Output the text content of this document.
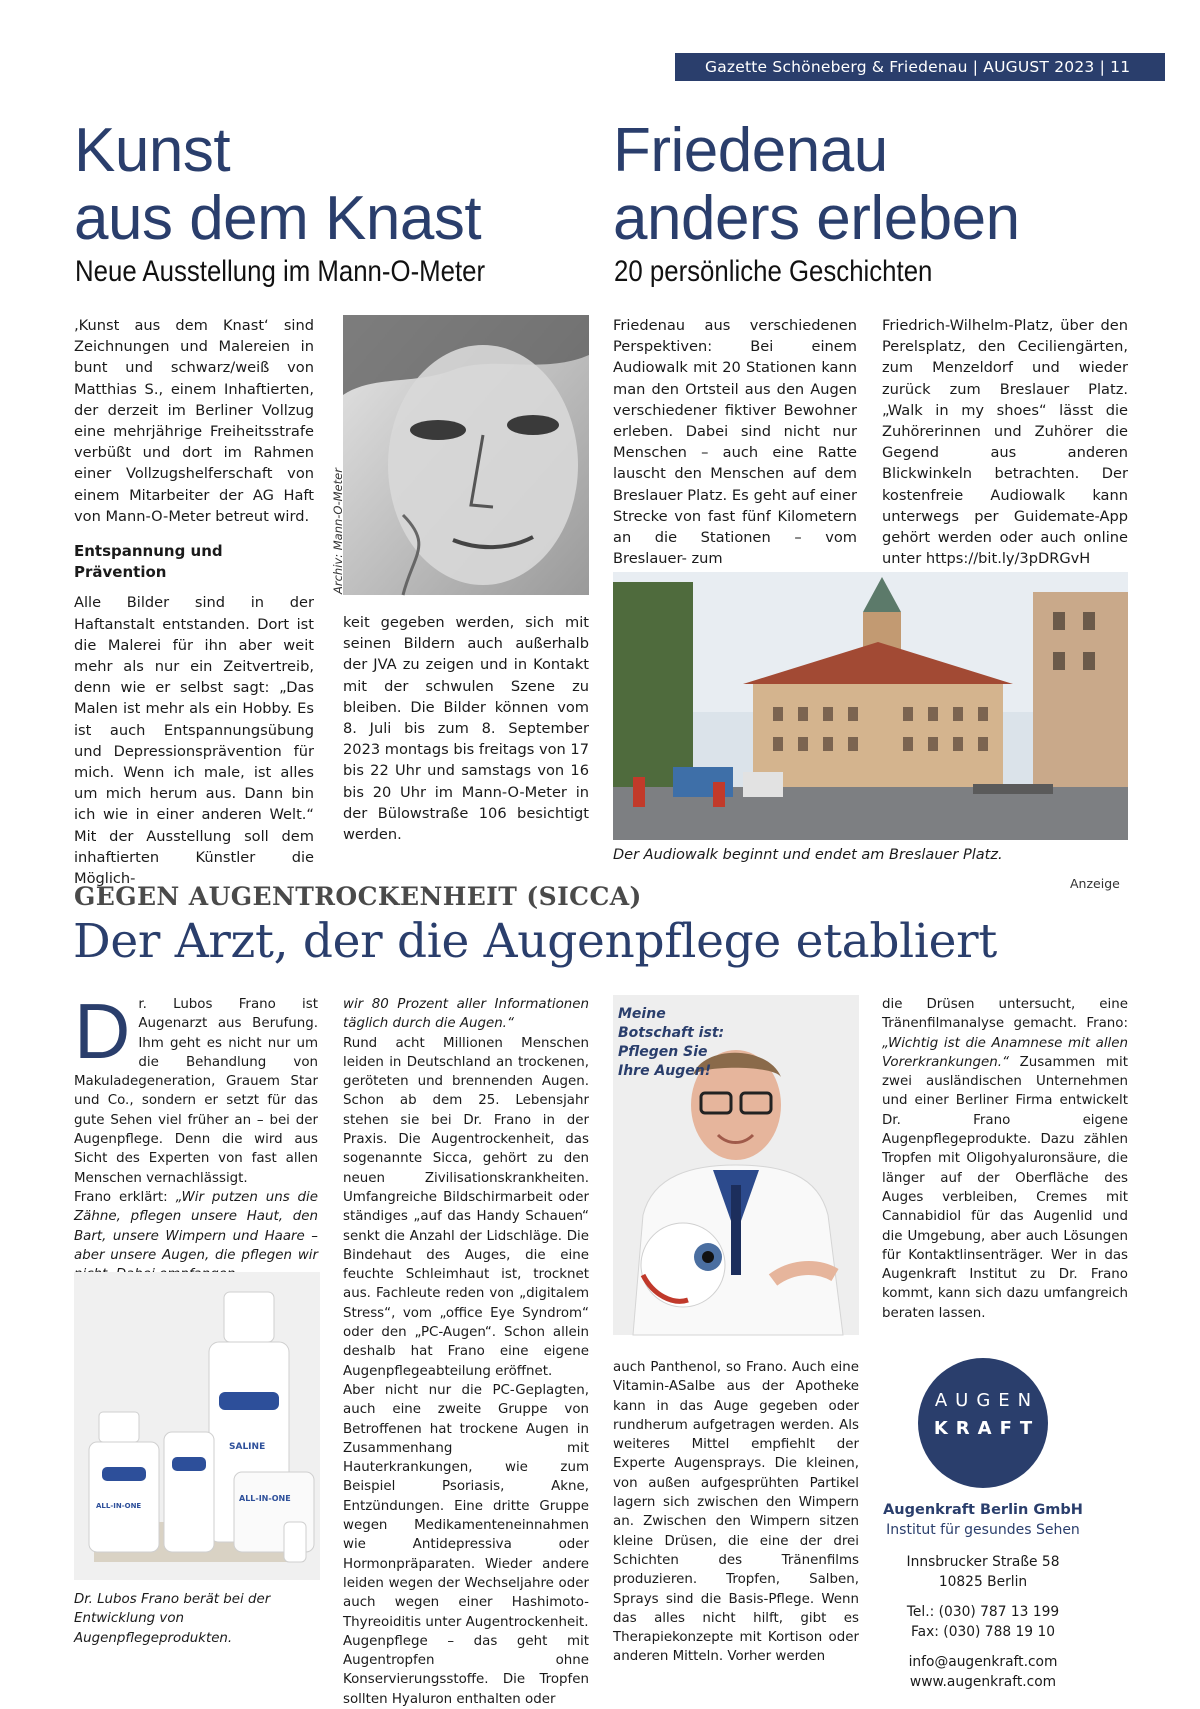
Gazette Schöneberg & Friedenau | AUGUST 2023 | 11
Kunst
aus dem Knast
Neue Ausstellung im Mann-O-Meter

‚Kunst aus dem Knast‘ sind Zeichnungen und Malereien in bunt und schwarz/weiß von Matthias S., einem Inhaftierten, der derzeit im Berliner Vollzug eine mehrjährige Freiheitsstrafe verbüßt und dort im Rahmen einer Vollzugshelferschaft von einem Mitarbeiter der AG Haft von Mann-O-Meter betreut wird.

Entspannung und Prävention

Alle Bilder sind in der Haftanstalt entstanden. Dort ist die Malerei für ihn aber weit mehr als nur ein Zeitvertreib, denn wie er selbst sagt: „Das Malen ist mehr als ein Hobby. Es ist auch Entspannungsübung und Depressionsprävention für mich. Wenn ich male, ist alles um mich herum aus. Dann bin ich wie in einer anderen Welt.“ Mit der Ausstellung soll dem inhaftierten Künstler die Möglich-

Archiv: Mann-O-Meter

keit gegeben werden, sich mit seinen Bildern auch außerhalb der JVA zu zeigen und in Kontakt mit der schwulen Szene zu bleiben. Die Bilder können vom 8. Juli bis zum 8. September 2023 montags bis freitags von 17 bis 22 Uhr und samstags von 16 bis 20 Uhr im Mann-O-Meter in der Bülowstraße 106 besichtigt werden.

Friedenau
anders erleben
20 persönliche Geschichten

Friedenau aus verschiedenen Perspektiven: Bei einem Audiowalk mit 20 Stationen kann man den Ortsteil aus den Augen verschiedener fiktiver Bewohner erleben. Dabei sind nicht nur Menschen – auch eine Ratte lauscht den Menschen auf dem Breslauer Platz. Es geht auf einer Strecke von fast fünf Kilometern an die Stationen – vom Breslauer- zum

Friedrich-Wilhelm-Platz, über den Perelsplatz, den Ceciliengärten, zum Menzeldorf und wieder zurück zum Breslauer Platz. „Walk in my shoes“ lässt die Zuhörerinnen und Zuhörer die Gegend aus anderen Blickwinkeln betrachten. Der kostenfreie Audiowalk kann unterwegs per Guidemate-App gehört werden oder auch online unter https://bit.ly/3pDRGvH

Der Audiowalk beginnt und endet am Breslauer Platz.
Anzeige
GEGEN AUGENTROCKENHEIT (SICCA)
Der Arzt, der die Augenpflege etabliert

Dr. Lubos Frano ist Augenarzt aus Berufung. Ihm geht es nicht nur um die Behandlung von Makuladegeneration, Grauem Star und Co., sondern er setzt für das gute Sehen viel früher an – bei der Augenpflege. Denn die wird aus Sicht des Experten von fast allen Menschen vernachlässigt.

Frano erklärt: „Wir putzen uns die Zähne, pflegen unsere Haut, den Bart, unsere Wimpern und Haare – aber unsere Augen, die pflegen wir

SALINE
ALL-IN-ONE
ALL-IN-ONE

Dr. Lubos Frano berät bei der Entwicklung von Augenpflegeprodukten.

wir 80 Prozent aller Informationen täglich durch die Augen.“

Rund acht Millionen Menschen leiden in Deutschland an trockenen, geröteten und brennenden Augen. Schon ab dem 25. Lebensjahr stehen sie bei Dr. Frano in der Praxis. Die Augentrockenheit, das sogenannte Sicca, gehört zu den neuen Zivilisationskrankheiten. Umfangreiche Bildschirmarbeit oder ständiges „auf das Handy Schauen“ senkt die Anzahl der Lidschläge. Die Bindehaut des Auges, die eine feuchte Schleimhaut ist, trocknet aus. Fachleute reden von „digitalem Stress“, vom „office Eye Syndrom“ oder den „PC-Augen“. Schon allein deshalb hat Frano eine eigene Augenpflegeabteilung eröffnet.

Aber nicht nur die PC-Geplagten, auch eine zweite Gruppe von Betroffenen hat trockene Augen in Zusammenhang mit Hauterkrankungen, wie zum Beispiel Psoriasis, Akne, Entzündungen. Eine dritte Gruppe wegen Medikamenteneinnahmen wie Antidepressiva oder Hormonpräparaten. Wieder andere leiden wegen der Wechseljahre oder auch wegen einer Hashimoto-Thyreoiditis unter Augentrockenheit.

Augenpflege – das geht mit Augentropfen ohne Konservierungsstoffe. Die Tropfen sollten Hyaluron enthalten oder

Meine Botschaft ist: Pflegen Sie Ihre Augen!

auch Panthenol, so Frano. Auch eine Vitamin-ASalbe aus der Apotheke kann in das Auge gegeben oder rundherum aufgetragen werden. Als weiteres Mittel empfiehlt der Experte Augensprays. Die kleinen, von außen aufgesprühten Partikel lagern sich zwischen den Wimpern an. Zwischen den Wimpern sitzen kleine Drüsen, die eine der drei Schichten des Tränenfilms produzieren. Tropfen, Salben, Sprays sind die Basis-Pflege. Wenn das alles nicht hilft, gibt es Therapiekonzepte mit Kortison oder anderen Mitteln. Vorher werden

die Drüsen untersucht, eine Tränenfilmanalyse gemacht. Frano: „Wichtig ist die Anamnese mit allen Vorerkrankungen.“ Zusammen mit zwei ausländischen Unternehmen und einer Berliner Firma entwickelt Dr. Frano eigene Augenpflegeprodukte. Dazu zählen Tropfen mit Oligohyaluronsäure, die länger auf der Oberfläche des Auges verbleiben, Cremes mit Cannabidiol für das Augenlid und die Umgebung, aber auch Lösungen für Kontaktlinsenträger. Wer in das Augenkraft Institut zu Dr. Frano kommt, kann sich dazu umfangreich beraten lassen.

AUGEN
KRAFT
Augenkraft Berlin GmbH
Institut für gesundes Sehen
Innsbrucker Straße 58
10825 Berlin
Tel.: (030) 787 13 199
Fax: (030) 788 19 10
info@augenkraft.com
www.augenkraft.com
